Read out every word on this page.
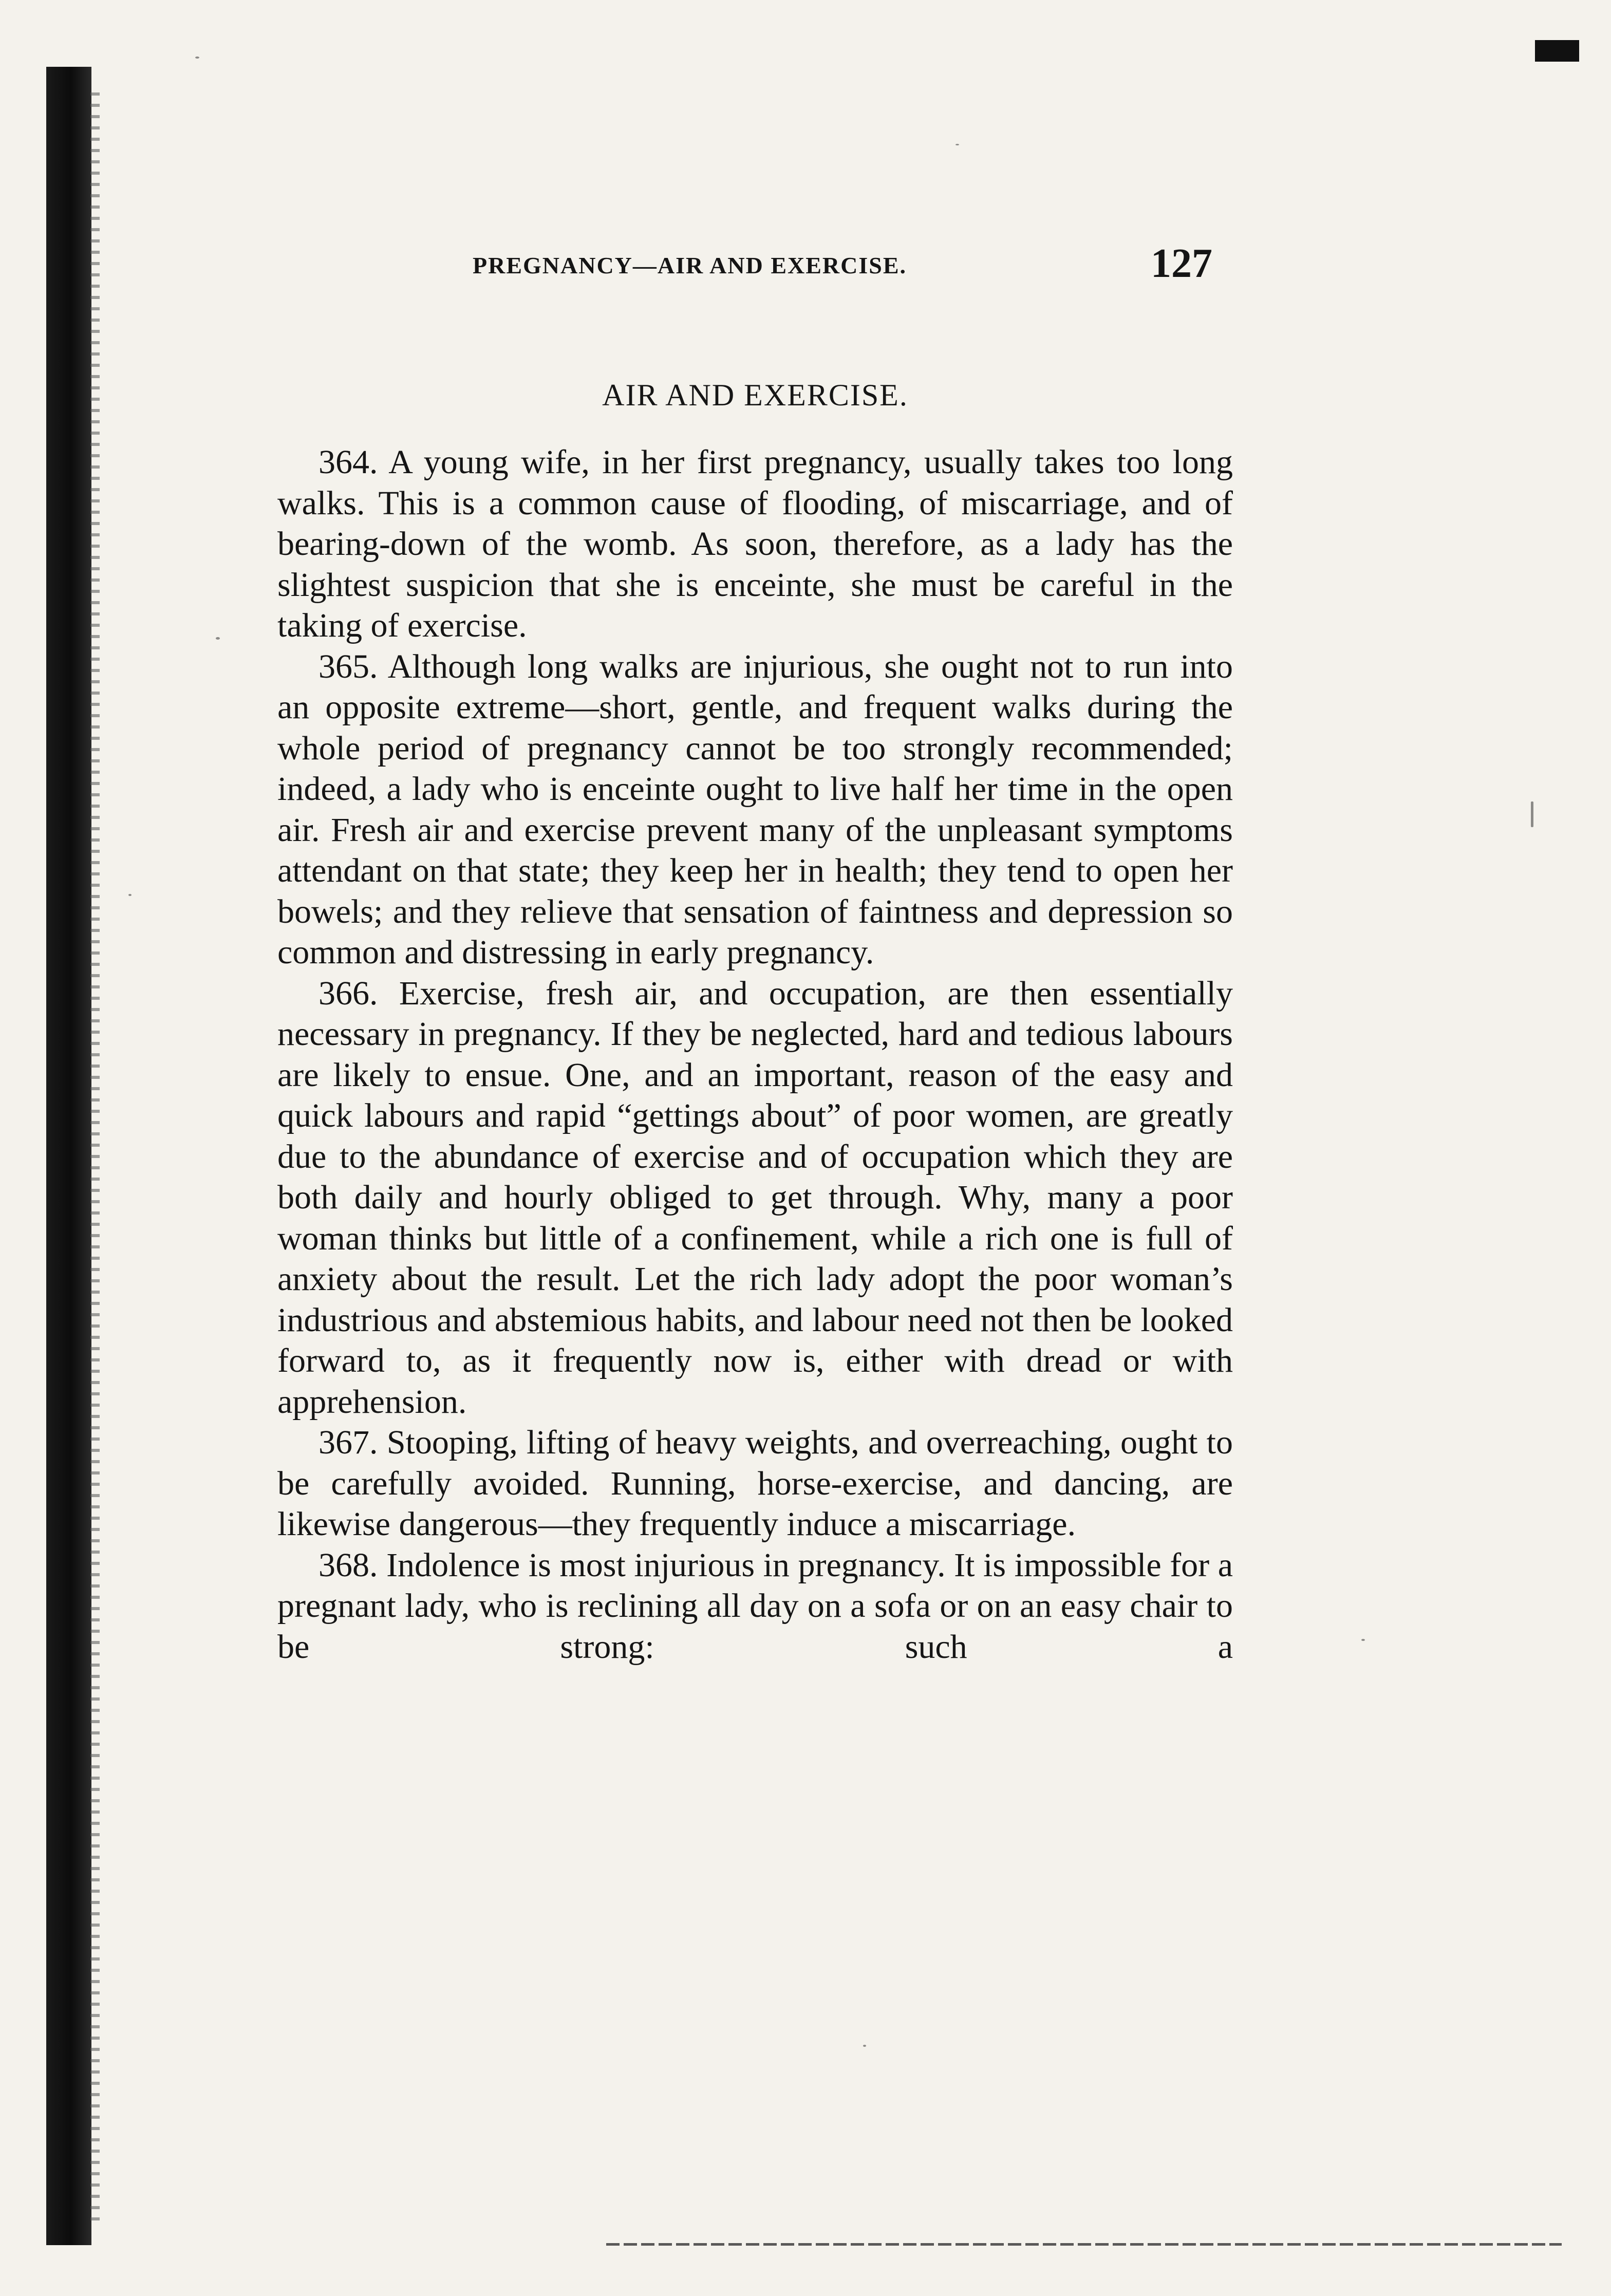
PREGNANCY—AIR AND EXERCISE.	127
AIR AND EXERCISE.

364. A young wife, in her first pregnancy, usually takes too long walks. This is a common cause of flooding, of miscarriage, and of bearing-down of the womb. As soon, therefore, as a lady has the slightest suspicion that she is enceinte, she must be careful in the taking of exercise.

365. Although long walks are injurious, she ought not to run into an opposite extreme—short, gentle, and frequent walks during the whole period of pregnancy cannot be too strongly recommended; indeed, a lady who is enceinte ought to live half her time in the open air. Fresh air and exercise prevent many of the unpleasant symptoms attendant on that state; they keep her in health; they tend to open her bowels; and they relieve that sensation of faintness and depression so common and distressing in early pregnancy.

366. Exercise, fresh air, and occupation, are then essentially necessary in pregnancy. If they be neglected, hard and tedious labours are likely to ensue. One, and an important, reason of the easy and quick labours and rapid “gettings about” of poor women, are greatly due to the abundance of exercise and of occupation which they are both daily and hourly obliged to get through. Why, many a poor woman thinks but little of a confinement, while a rich one is full of anxiety about the result. Let the rich lady adopt the poor woman’s industrious and abstemious habits, and labour need not then be looked forward to, as it frequently now is, either with dread or with apprehension.

367. Stooping, lifting of heavy weights, and overreaching, ought to be carefully avoided. Running, horse-exercise, and dancing, are likewise dangerous—they frequently induce a miscarriage.

368. Indolence is most injurious in pregnancy. It is impossible for a pregnant lady, who is reclining all day on a sofa or on an easy chair to be strong: such a
